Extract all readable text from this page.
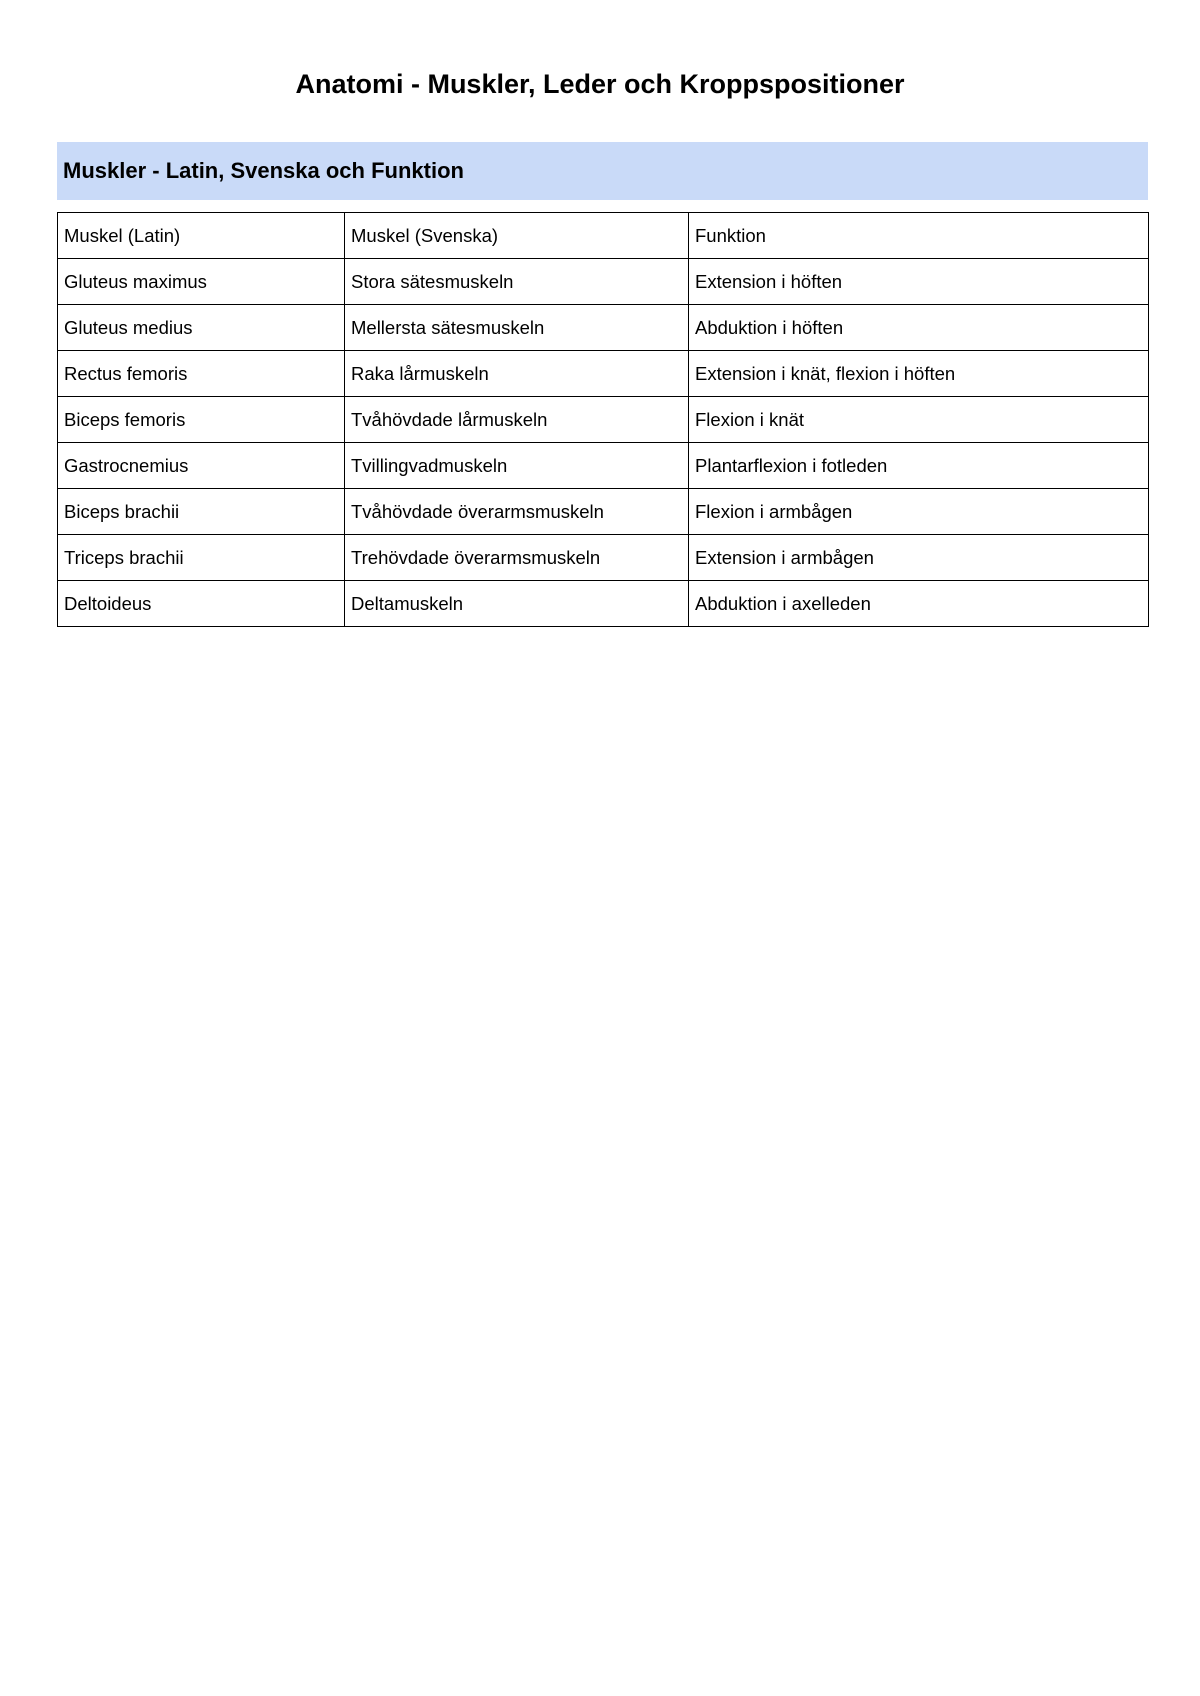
Anatomi - Muskler, Leder och Kroppspositioner
Muskler - Latin, Svenska och Funktion
Muskel (Latin)	Muskel (Svenska)	Funktion
Gluteus maximus	Stora sätesmuskeln	Extension i höften
Gluteus medius	Mellersta sätesmuskeln	Abduktion i höften
Rectus femoris	Raka lårmuskeln	Extension i knät, flexion i höften
Biceps femoris	Tvåhövdade lårmuskeln	Flexion i knät
Gastrocnemius	Tvillingvadmuskeln	Plantarflexion i fotleden
Biceps brachii	Tvåhövdade överarmsmuskeln	Flexion i armbågen
Triceps brachii	Trehövdade överarmsmuskeln	Extension i armbågen
Deltoideus	Deltamuskeln	Abduktion i axelleden
